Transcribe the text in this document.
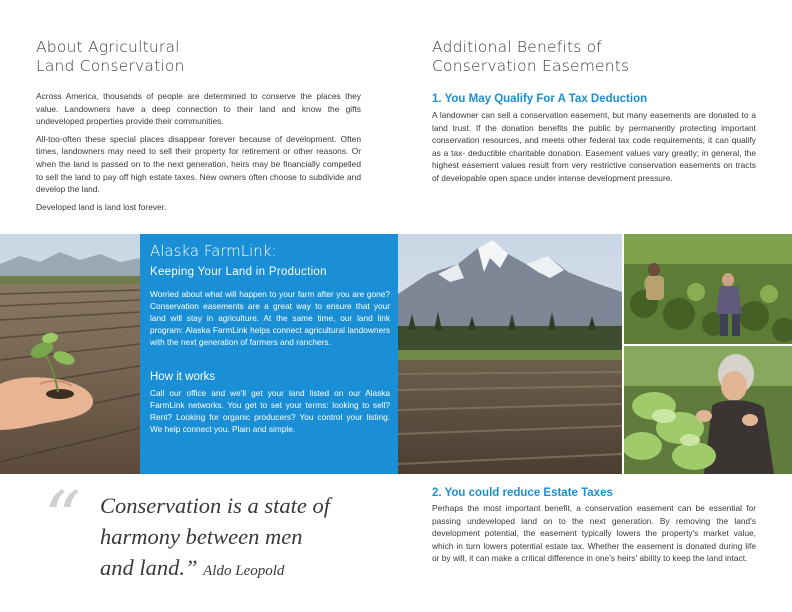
About Agricultural
Land Conservation

Across America, thousands of people are determined to conserve the places they value. Landowners have a deep connection to their land and know the gifts undeveloped properties provide their communities.

All-too-often these special places disappear forever because of development. Often times, landowners may need to sell their property for retirement or other reasons. Or when the land is passed on to the next generation, heirs may be financially compelled to sell the land to pay off high estate taxes. New owners often choose to subdivide and develop the land.

Developed land is land lost forever.

Additional Benefits of
Conservation Easements
1. You May Qualify For A Tax Deduction
A landowner can sell a conservation easement, but many easements are donated to a land trust. If the donation benefits the public by permanently protecting important conservation resources, and meets other federal tax code requirements, it can qualify as a tax- deductible charitable donation. Easement values vary greatly; in general, the highest easement values result from very restrictive conservation easements on tracts of developable open space under intense development pressure.
Alaska FarmLink:
Keeping Your Land in Production
Worried about what will happen to your farm after you are gone? Conservation easements are a great way to ensure that your land will stay in agriculture. At the same time, our land link program: Alaska FarmLink helps connect agricultural landowners with the next generation of farmers and ranchers.
How it works
Call our office and we'll get your land listed on our Alaska FarmLink networks. You get to set your terms: looking to sell? Rent? Looking for organic producers? You control your listing. We help connect you. Plain and simple.
“ Conservation is a state of
harmony between men
and land.” Aldo Leopold
2. You could reduce Estate Taxes
Perhaps the most important benefit, a conservation easement can be essential for passing undeveloped land on to the next generation. By removing the land's development potential, the easement typically lowers the property's market value, which in turn lowers potential estate tax. Whether the easement is donated during life or by will, it can make a critical difference in one's heirs' ability to keep the land intact.
